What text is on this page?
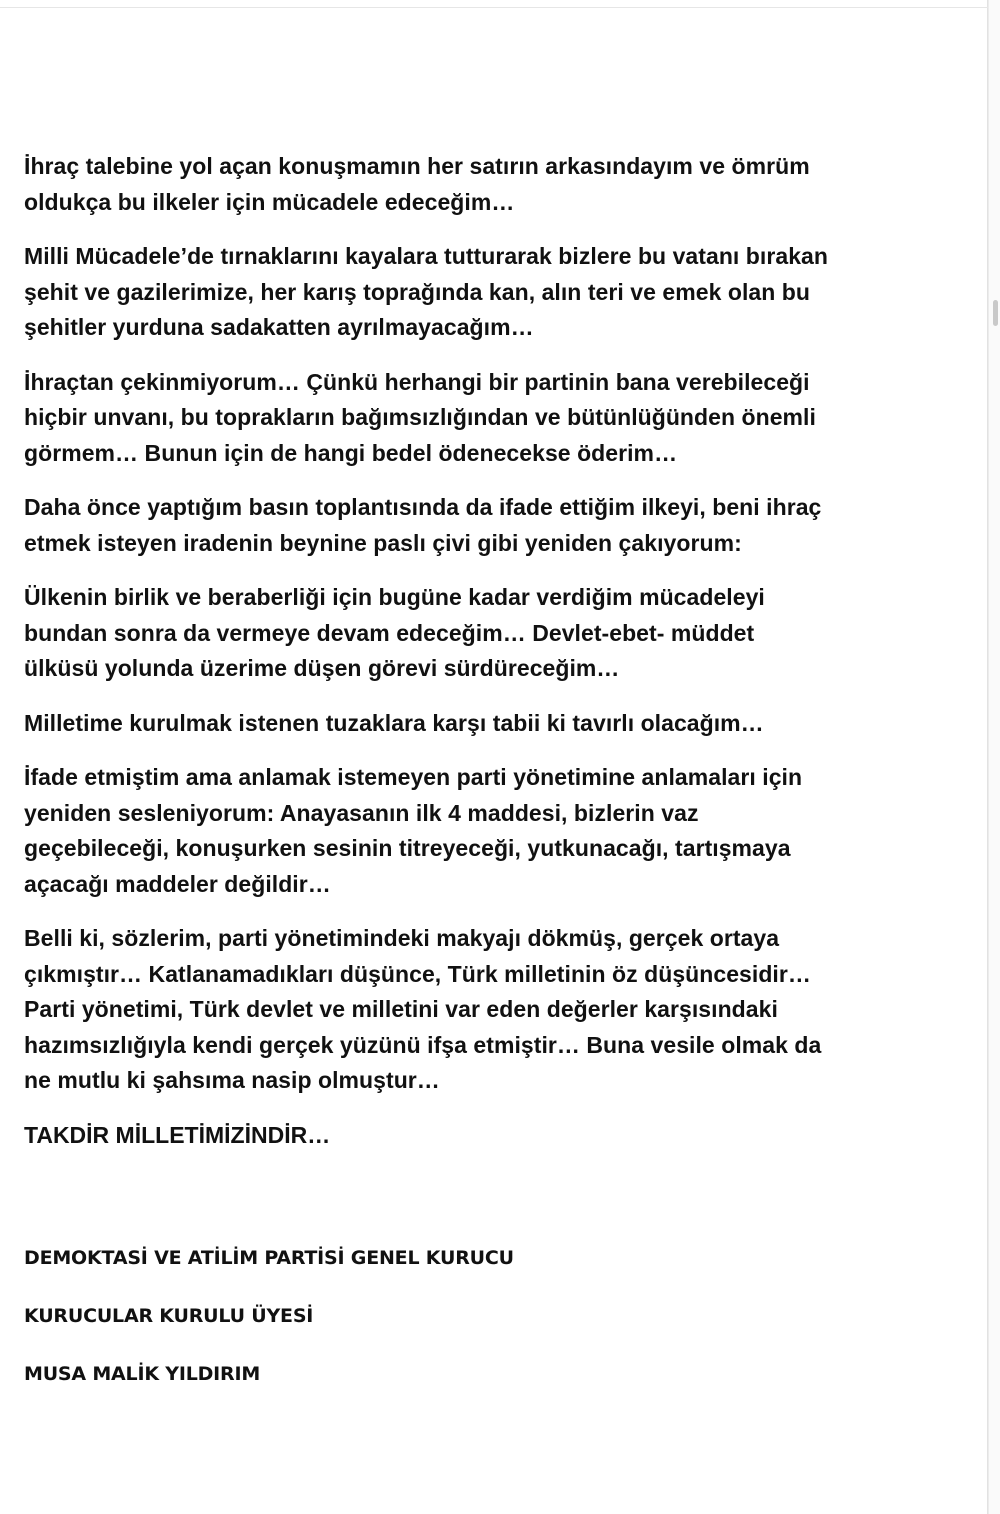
İhraç talebine yol açan konuşmamın her satırın arkasındayım ve ömrüm
oldukça bu ilkeler için mücadele edeceğim…

Milli Mücadele’de tırnaklarını kayalara tutturarak bizlere bu vatanı bırakan
şehit ve gazilerimize, her karış toprağında kan, alın teri ve emek olan bu
şehitler yurduna sadakatten ayrılmayacağım…

İhraçtan çekinmiyorum… Çünkü herhangi bir partinin bana verebileceği
hiçbir unvanı, bu toprakların bağımsızlığından ve bütünlüğünden önemli
görmem… Bunun için de hangi bedel ödenecekse öderim…

Daha önce yaptığım basın toplantısında da ifade ettiğim ilkeyi, beni ihraç
etmek isteyen iradenin beynine paslı çivi gibi yeniden çakıyorum:

Ülkenin birlik ve beraberliği için bugüne kadar verdiğim mücadeleyi
bundan sonra da vermeye devam edeceğim… Devlet-ebet- müddet
ülküsü yolunda üzerime düşen görevi sürdüreceğim…

Milletime kurulmak istenen tuzaklara karşı tabii ki tavırlı olacağım…

İfade etmiştim ama anlamak istemeyen parti yönetimine anlamaları için
yeniden sesleniyorum: Anayasanın ilk 4 maddesi, bizlerin vaz
geçebileceği, konuşurken sesinin titreyeceği, yutkunacağı, tartışmaya
açacağı maddeler değildir…

Belli ki, sözlerim, parti yönetimindeki makyajı dökmüş, gerçek ortaya
çıkmıştır… Katlanamadıkları düşünce, Türk milletinin öz düşüncesidir…
Parti yönetimi, Türk devlet ve milletini var eden değerler karşısındaki
hazımsızlığıyla kendi gerçek yüzünü ifşa etmiştir… Buna vesile olmak da
ne mutlu ki şahsıma nasip olmuştur…

TAKDİR MİLLETİMİZİNDİR…

DEMOKTASİ VE ATİLİM PARTİSİ GENEL KURUCU
KURUCULAR KURULU ÜYESİ
MUSA MALİK YILDIRIM
